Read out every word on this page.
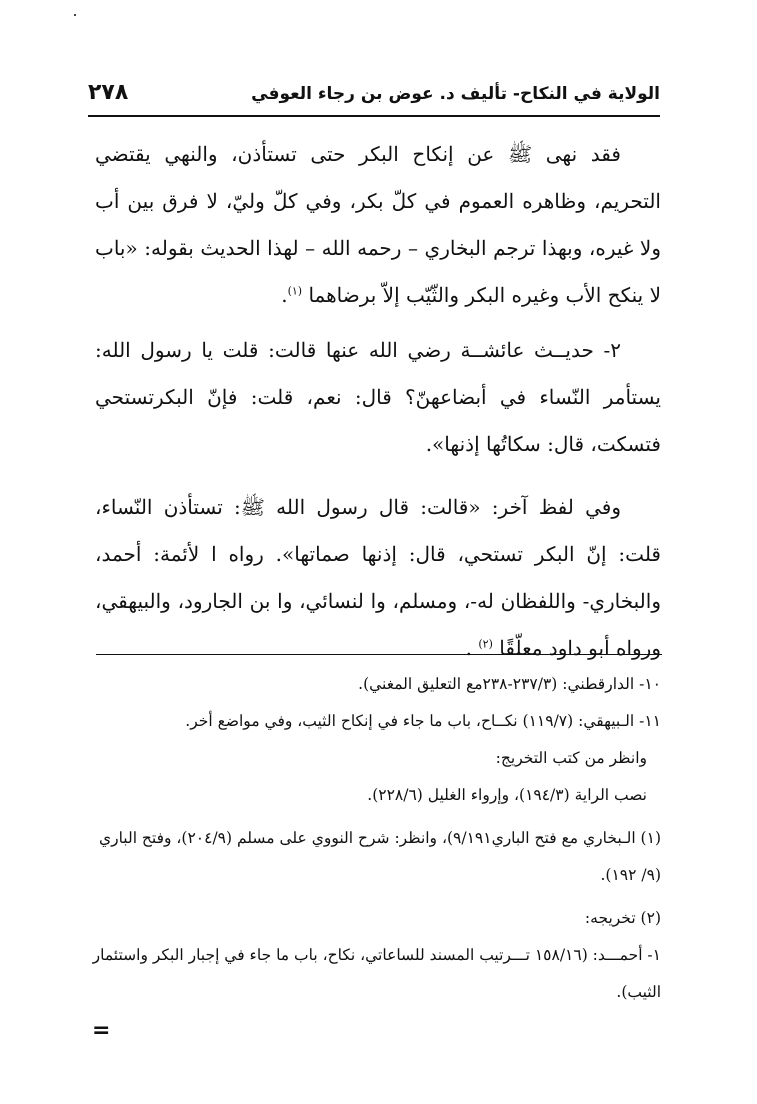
الولاية في النكاح- تأليف د. عوض بن رجاء العوفي
٢٧٨

فقد نهى ﷺ عن إنكاح البكر حتى تستأذن، والنهي يقتضي التحريم، وظاهره العموم في كلّ بكر، وفي كلّ وليّ، لا فرق بين أب ولا غيره، وبهذا ترجم البخاري – رحمه الله – لهذا الحديث بقوله: «باب لا ينكح الأب وغيره البكر والثّيّب إلاّ برضاهما $^{(١)}$.

٢- حديــث عائشــة رضي الله عنها قالت: قلت يا رسول الله: يستأمر النّساء في أبضاعهنّ؟ قال: نعم، قلت: فإنّ البكرتستحي فتسكت، قال: سكاتُها إذنها».

وفي لفظ آخر: «قالت: قال رسول الله ﷺ: تستأذن النّساء، قلت: إنّ البكر تستحي، قال: إذنها صماتها». رواه ا لأئمة: أحمد، والبخاري- واللفظان له-، ومسلم، وا لنسائي، وا بن الجارود، والبيهقي، ورواه أبو داود معلّقًا $^{(٢)}$ .

١٠- الدارقطني: (٢٣٧/٣-٢٣٨مع التعليق المغني).

١١- الـبيهقي: (١١٩/٧) نكــاح، باب ما جاء في إنكاح الثيب، وفي مواضع أخر.

وانظر من كتب التخريج:

نصب الراية (١٩٤/٣)، وإرواء الغليل (٢٢٨/٦).

(١) الـبخاري مع فتح الباري٩/١٩١)، وانظر: شرح النووي على مسلم (٢٠٤/٩)، وفتح الباري (٩/ ١٩٢).

(٢) تخريجه:

١- أحمـــد: (١٥٨/١٦ تـــرتيب المسند للساعاتي، نكاح، باب ما جاء في إجبار البكر واستئمار الثيب).

=
